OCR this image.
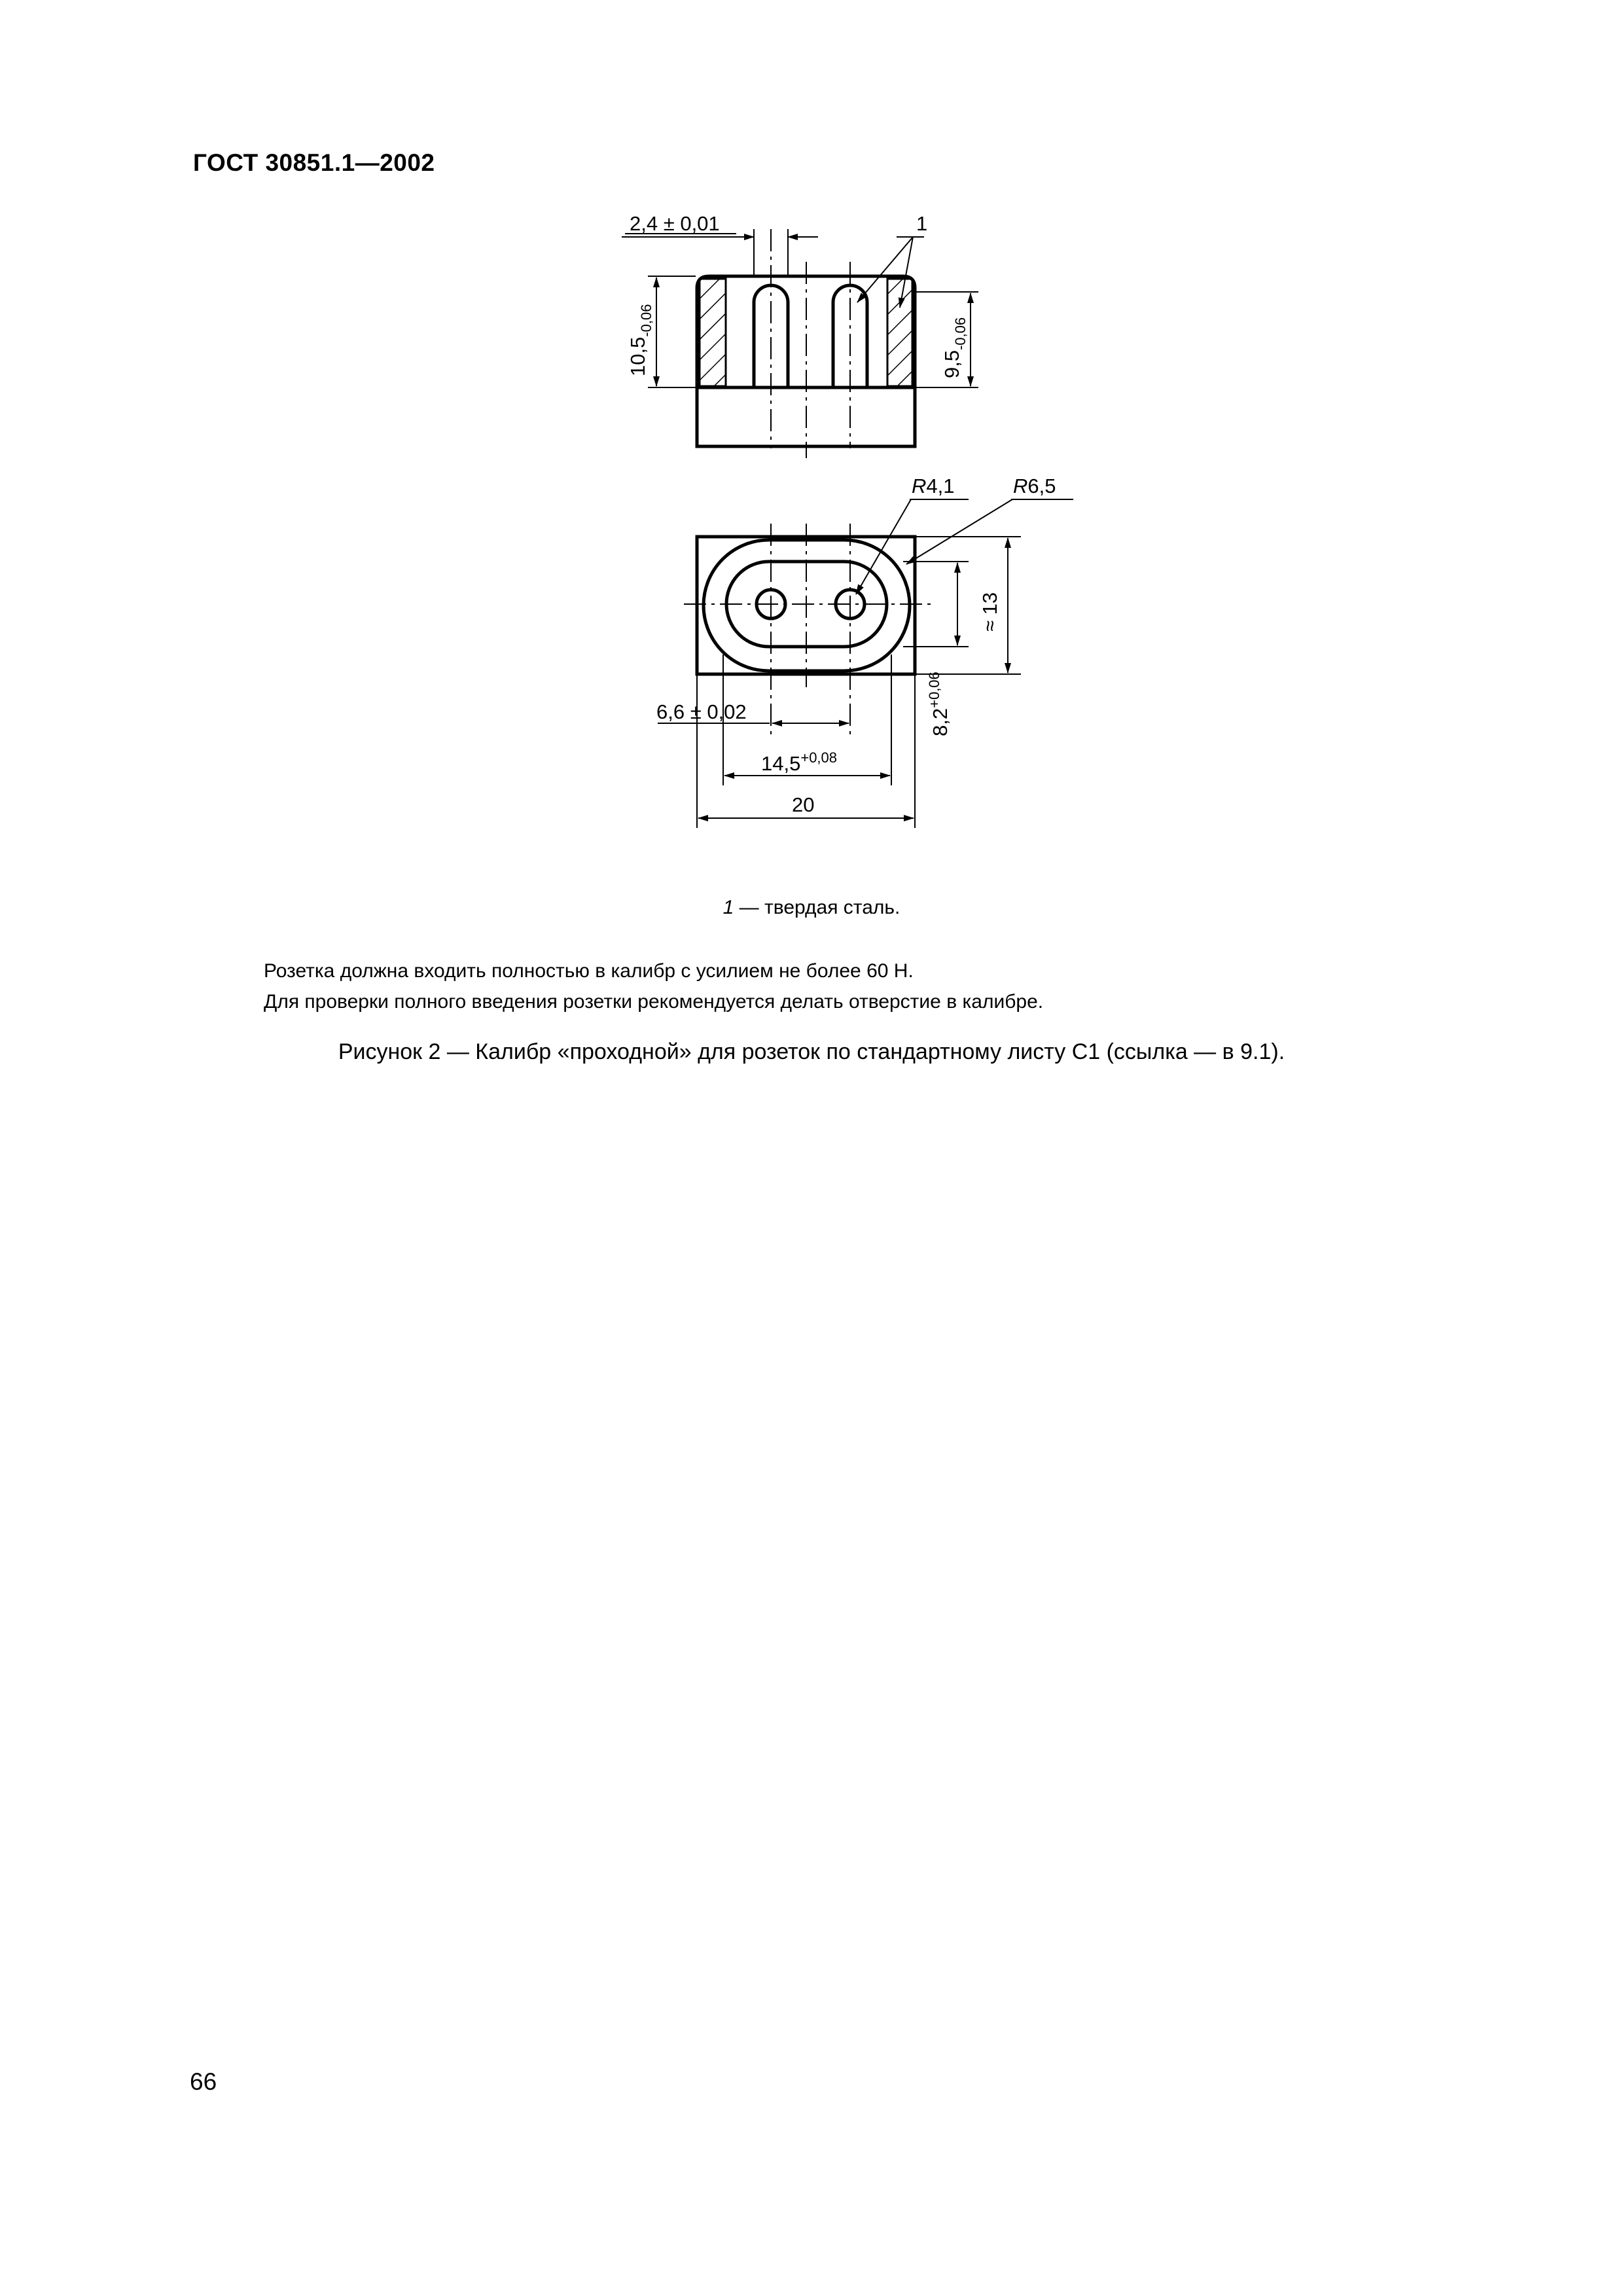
ГОСТ 30851.1—2002
2,4 ± 0,01	1
$10,5_{-0,06}$
$9,5_{-0,06}$
R4,1	R6,5
≈ 13
$8,2^{+0,06}$
6,6 ± 0,02
$14,5^{+0,08}$
20
1 — твердая сталь.
Розетка должна входить полностью в калибр с усилием не более 60 Н.
Для проверки полного введения розетки рекомендуется делать отверстие в калибре.
Рисунок 2 — Калибр «проходной» для розеток по стандартному листу С1 (ссылка — в 9.1).
66
